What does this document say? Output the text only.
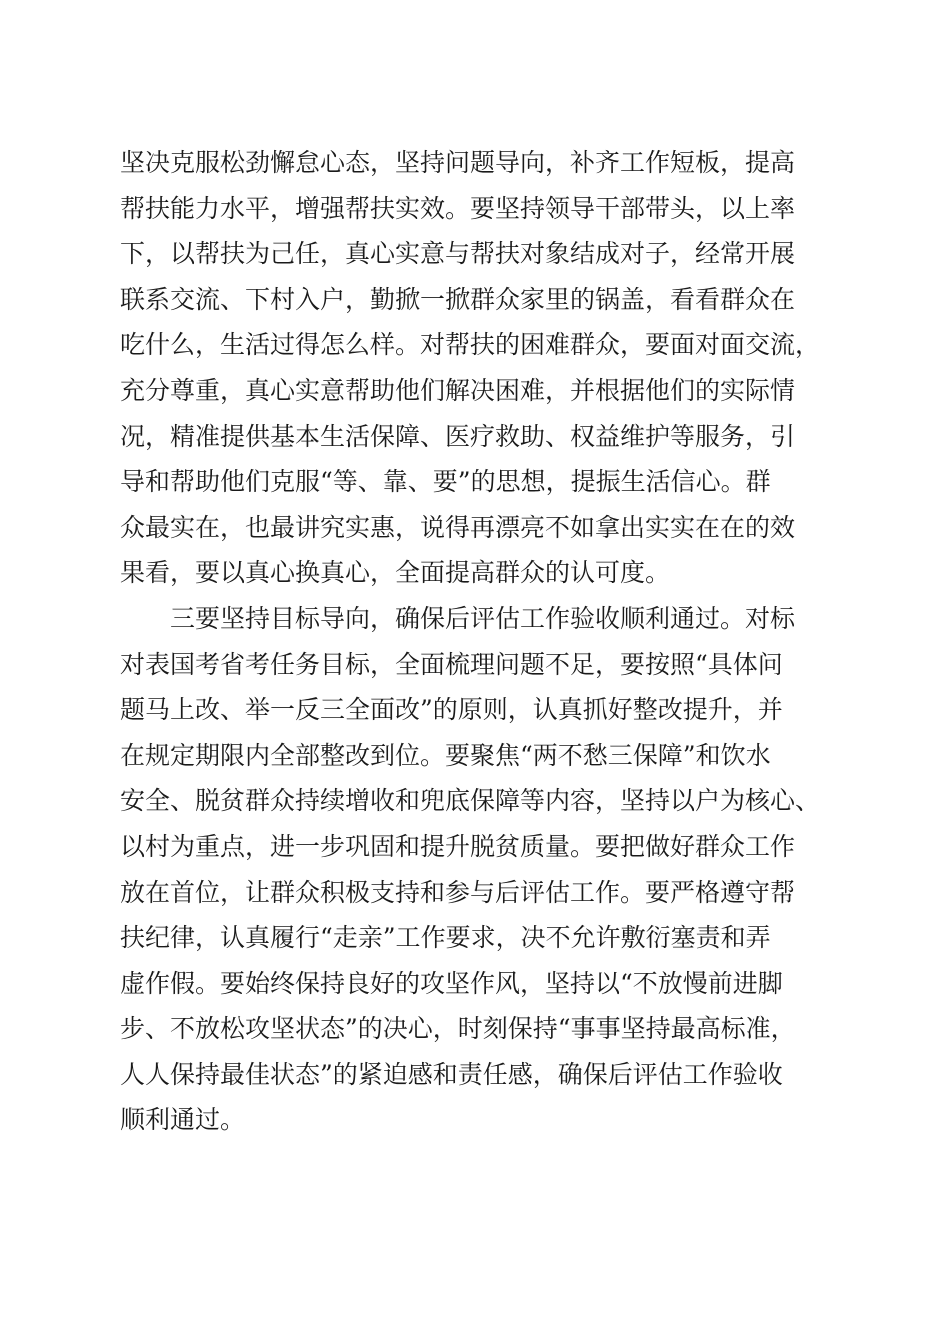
坚决克服松劲懈怠心态，坚持问题导向，补齐工作短板，提高
帮扶能力水平，增强帮扶实效。要坚持领导干部带头，以上率
下，以帮扶为己任，真心实意与帮扶对象结成对子，经常开展
联系交流、下村入户，勤掀一掀群众家里的锅盖，看看群众在
吃什么，生活过得怎么样。对帮扶的困难群众，要面对面交流，
充分尊重，真心实意帮助他们解决困难，并根据他们的实际情
况，精准提供基本生活保障、医疗救助、权益维护等服务，引
导和帮助他们克服“等、靠、要”的思想，提振生活信心。群
众最实在，也最讲究实惠，说得再漂亮不如拿出实实在在的效
果看，要以真心换真心，全面提高群众的认可度。
三要坚持目标导向，确保后评估工作验收顺利通过。对标
对表国考省考任务目标，全面梳理问题不足，要按照“具体问
题马上改、举一反三全面改”的原则，认真抓好整改提升，并
在规定期限内全部整改到位。要聚焦“两不愁三保障”和饮水
安全、脱贫群众持续增收和兜底保障等内容，坚持以户为核心、
以村为重点，进一步巩固和提升脱贫质量。要把做好群众工作
放在首位，让群众积极支持和参与后评估工作。要严格遵守帮
扶纪律，认真履行“走亲”工作要求，决不允许敷衍塞责和弄
虚作假。要始终保持良好的攻坚作风，坚持以“不放慢前进脚
步、不放松攻坚状态”的决心，时刻保持“事事坚持最高标准，
人人保持最佳状态”的紧迫感和责任感，确保后评估工作验收
顺利通过。
